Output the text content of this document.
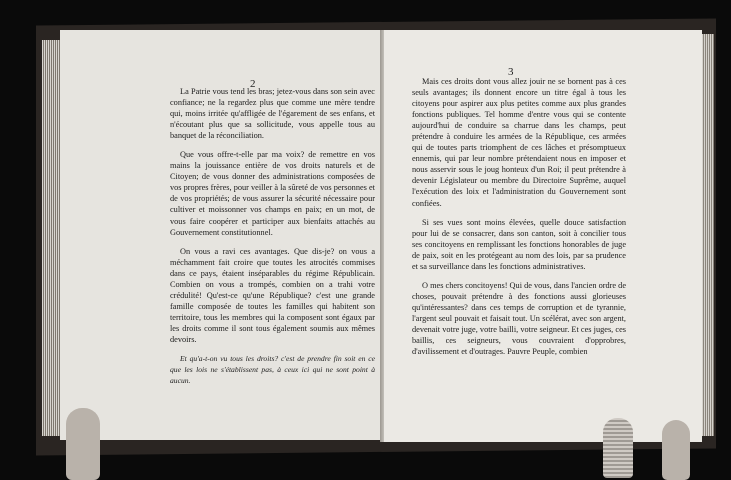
2

La Patrie vous tend les bras; jetez-vous dans son sein avec confiance; ne la regardez plus que comme une mère tendre qui, moins irritée qu'affligée de l'égarement de ses enfans, et n'écoutant plus que sa sollicitude, vous appelle tous au banquet de la réconciliation.

Que vous offre-t-elle par ma voix? de remettre en vos mains la jouissance entière de vos droits naturels et de Citoyen; de vous donner des administrations composées de vos propres frères, pour veiller à la sûreté de vos personnes et de vos propriétés; de vous assurer la sécurité nécessaire pour cultiver et moissonner vos champs en paix; en un mot, de vous faire coopérer et participer aux bienfaits attachés au Gouvernement constitutionnel.

On vous a ravi ces avantages. Que dis-je? on vous a méchamment fait croire que toutes les atrocités commises dans ce pays, étaient inséparables du régime Républicain. Combien on vous a trompés, combien on a trahi votre crédulité! Qu'est-ce qu'une République? c'est une grande famille composée de toutes les familles qui habitent son territoire, tous les membres qui la composent sont égaux par les droits comme il sont tous également soumis aux mêmes devoirs.

Et qu'a-t-on vu tous les droits? c'est de prendre fin soit en ce que les lois ne s'établissent pas, à ceux ici qui ne sont point à aucun.

3

Mais ces droits dont vous allez jouir ne se bornent pas à ces seuls avantages; ils donnent encore un titre égal à tous les citoyens pour aspirer aux plus petites comme aux plus grandes fonctions publiques. Tel homme d'entre vous qui se contente aujourd'hui de conduire sa charrue dans les champs, peut prétendre à conduire les armées de la République, ces armées qui de toutes parts triomphent de ces lâches et présomptueux ennemis, qui par leur nombre prétendaient nous en imposer et nous asservir sous le joug honteux d'un Roi; il peut prétendre à devenir Législateur ou membre du Directoire Suprême, auquel l'exécution des loix et l'administration du Gouvernement sont confiées.

Si ses vues sont moins élevées, quelle douce satisfaction pour lui de se consacrer, dans son canton, soit à concilier tous ses concitoyens en remplissant les fonctions honorables de juge de paix, soit en les protégeant au nom des lois, par sa prudence et sa surveillance dans les fonctions administratives.

O mes chers concitoyens! Qui de vous, dans l'ancien ordre de choses, pouvait prétendre à des fonctions aussi glorieuses qu'intéressantes? dans ces temps de corruption et de tyrannie, l'argent seul pouvait et faisait tout. Un scélérat, avec son argent, devenait votre juge, votre bailli, votre seigneur. Et ces juges, ces baillis, ces seigneurs, vous couvraient d'opprobres, d'avilissement et d'outrages. Pauvre Peuple, combien
